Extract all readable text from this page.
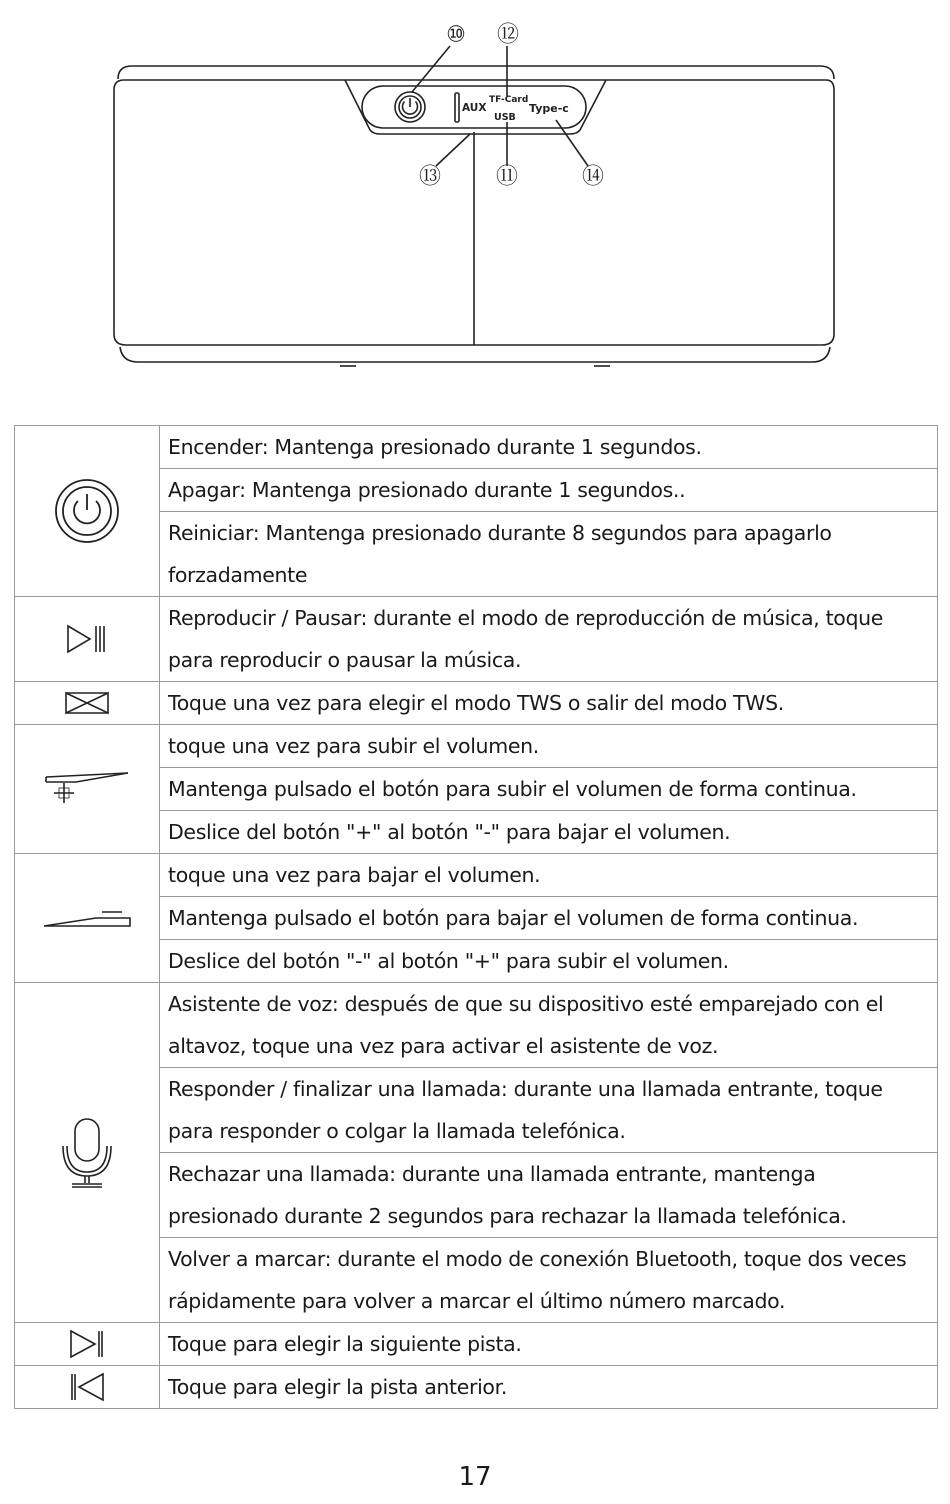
⑩ ⑫
⑬ ⑪	⑭
AUX
TF-Card
USB
Type-c
	Encender: Mantenga presionado durante 1 segundos.
	Apagar: Mantenga presionado durante 1 segundos..
	Reiniciar: Mantenga presionado durante 8 segundos para apagarlo forzadamente

	Reproducir / Pausar: durante el modo de reproducción de música, toque para reproducir o pausar la música.

	Toque una vez para elegir el modo TWS o salir del modo TWS.

	toque una vez para subir el volumen.
	Mantenga pulsado el botón para subir el volumen de forma continua.
	Deslice del botón "+" al botón "-" para bajar el volumen.

	toque una vez para bajar el volumen.
	Mantenga pulsado el botón para bajar el volumen de forma continua.
	Deslice del botón "-" al botón "+" para subir el volumen.

	Asistente de voz: después de que su dispositivo esté emparejado con el altavoz, toque una vez para activar el asistente de voz.
	Responder / finalizar una llamada: durante una llamada entrante, toque para responder o colgar la llamada telefónica.
	Rechazar una llamada: durante una llamada entrante, mantenga presionado durante 2 segundos para rechazar la llamada telefónica.
	Volver a marcar: durante el modo de conexión Bluetooth, toque dos veces rápidamente para volver a marcar el último número marcado.

	Toque para elegir la siguiente pista.

	Toque para elegir la pista anterior.
17
